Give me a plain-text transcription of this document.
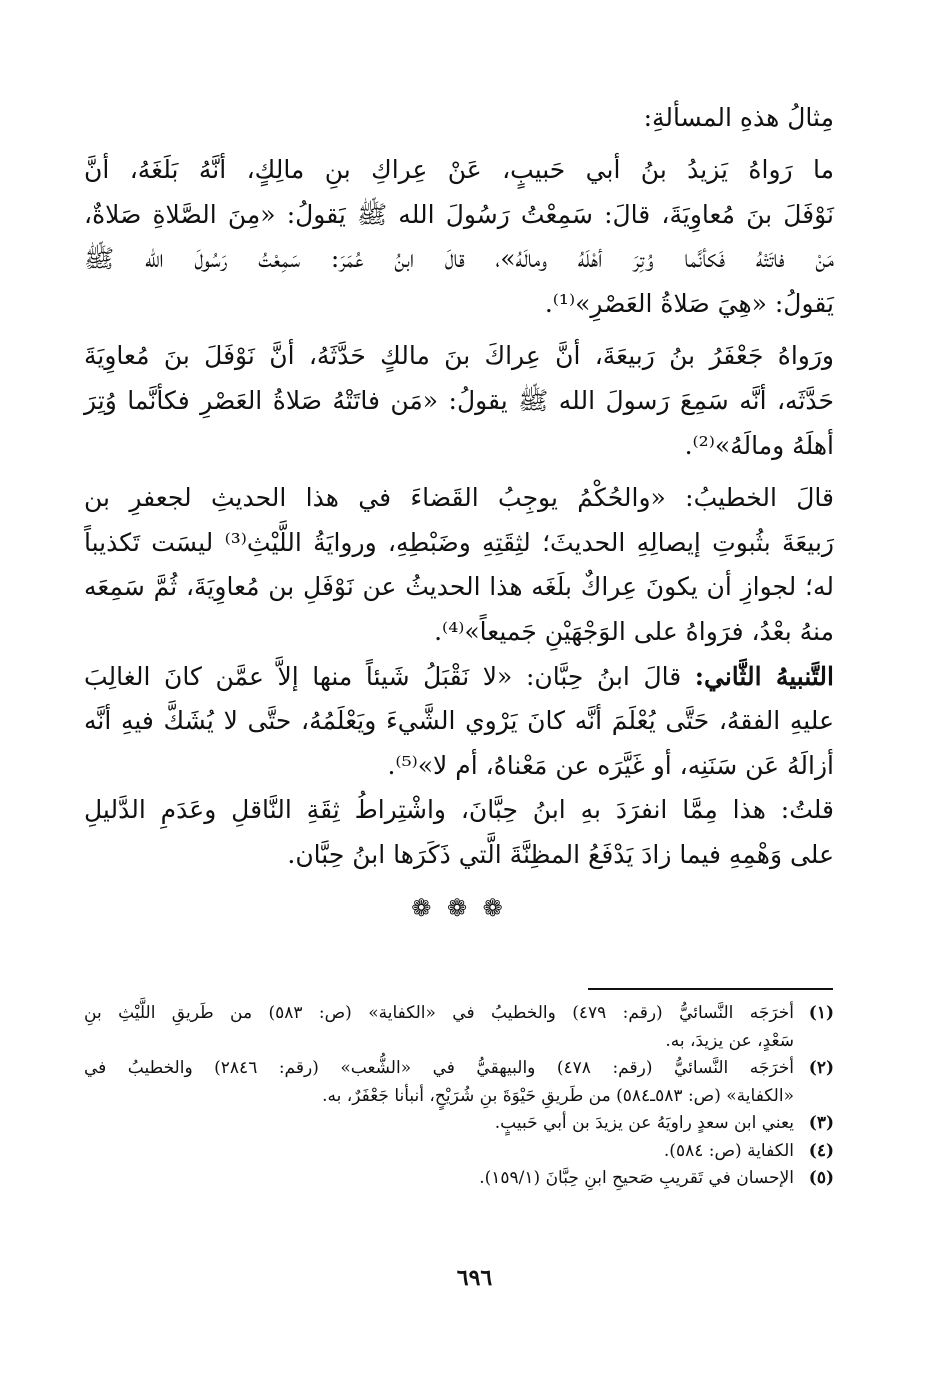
مِثالُ هذهِ المسألةِ:

ما رَواهُ يَزيدُ بنُ أبي حَبيبٍ، عَنْ عِراكِ بنِ مالِكٍ، أنَّهُ بَلَغَهُ، أنَّ

نَوْفَلَ بنَ مُعاوِيَةَ، قالَ: سَمِعْتُ رَسُولَ الله ﷺ يَقولُ: «مِنَ الصَّلاةِ صَلاةٌ،

مَنْ فاتَتْهُ فَكأنَّما وُتِرَ أهْلَهُ ومالَهُ»، قالَ ابنُ عُمَرَ: سَمِعْتُ رَسُولَ الله ﷺ

يَقولُ: «هِيَ صَلاةُ العَصْرِ»⁽¹⁾.

ورَواهُ جَعْفَرُ بنُ رَبيعَةَ، أنَّ عِراكَ بنَ مالكٍ حَدَّثَهُ، أنَّ نَوْفَلَ بنَ مُعاوِيَةَ

حَدَّثَه، أنَّه سَمِعَ رَسولَ الله ﷺ يقولُ: «مَن فاتَتْهُ صَلاةُ العَصْرِ فكأنَّما وُتِرَ

أهلَهُ ومالَهُ»⁽²⁾.

قالَ الخطيبُ: «والحُكْمُ يوجِبُ القَضاءَ في هذا الحديثِ لجعفرِ بن

رَبيعَةَ بثُبوتِ إيصالِهِ الحديثَ؛ لثِقَتِهِ وضَبْطِهِ، وروايَةُ اللَّيْثِ⁽³⁾ ليسَت تَكذيباً

له؛ لجوازِ أن يكونَ عِراكٌ بلَغَه هذا الحديثُ عن نَوْفَلِ بن مُعاوِيَةَ، ثُمَّ سَمِعَه

منهُ بعْدُ، فرَواهُ على الوَجْهَيْنِ جَميعاً»⁽⁴⁾.

التَّنبيهُ الثَّاني: قالَ ابنُ حِبَّان: «لا نَقْبَلُ شَيئاً منها إلاَّ عمَّن كانَ الغالِبَ

عليهِ الفقهُ، حَتَّى يُعْلَمَ أنَّه كانَ يَرْوي الشَّيءَ ويَعْلَمُهُ، حتَّى لا يُشَكَّ فيهِ أنَّه

أزالَهُ عَن سَنَنِه، أو غَيَّرَه عن مَعْناهُ، أم لا»⁽⁵⁾.

قلتُ: هذا مِمَّا انفرَدَ بهِ ابنُ حِبَّانَ، واشْتِراطُ ثِقَةِ النَّاقلِ وعَدَمِ الدَّليلِ

على وَهْمِهِ فيما زادَ يَدْفَعُ المظِنَّةَ الَّتي ذَكَرَها ابنُ حِبَّان.

❁ ❁ ❁
(١)
أخرَجَه النَّسائيُّ (رقم: ٤٧٩) والخطيبُ في «الكفاية» (ص: ٥٨٣) من طَريقِ اللَّيْثِ بنِ
سَعْدٍ، عن يزيدَ، به.
(٢)
أخرَجَه النَّسائيُّ (رقم: ٤٧٨) والبيهقيُّ في «الشُّعب» (رقم: ٢٨٤٦) والخطيبُ في
«الكفاية» (ص: ٥٨٣ـ٥٨٤) من طَريقِ حَيْوَةَ بنِ شُرَيْحٍ، أنبأنا جَعْفَرٌ، به.
(٣)
يعني ابن سعدٍ راويَهُ عن يزيدَ بن أبي حَبيبٍ.
(٤)
الكفاية (ص: ٥٨٤).
(٥)
الإحسان في تَقريبِ صَحيحِ ابنِ حِبَّانَ (١٥٩/١).
٦٩٦
